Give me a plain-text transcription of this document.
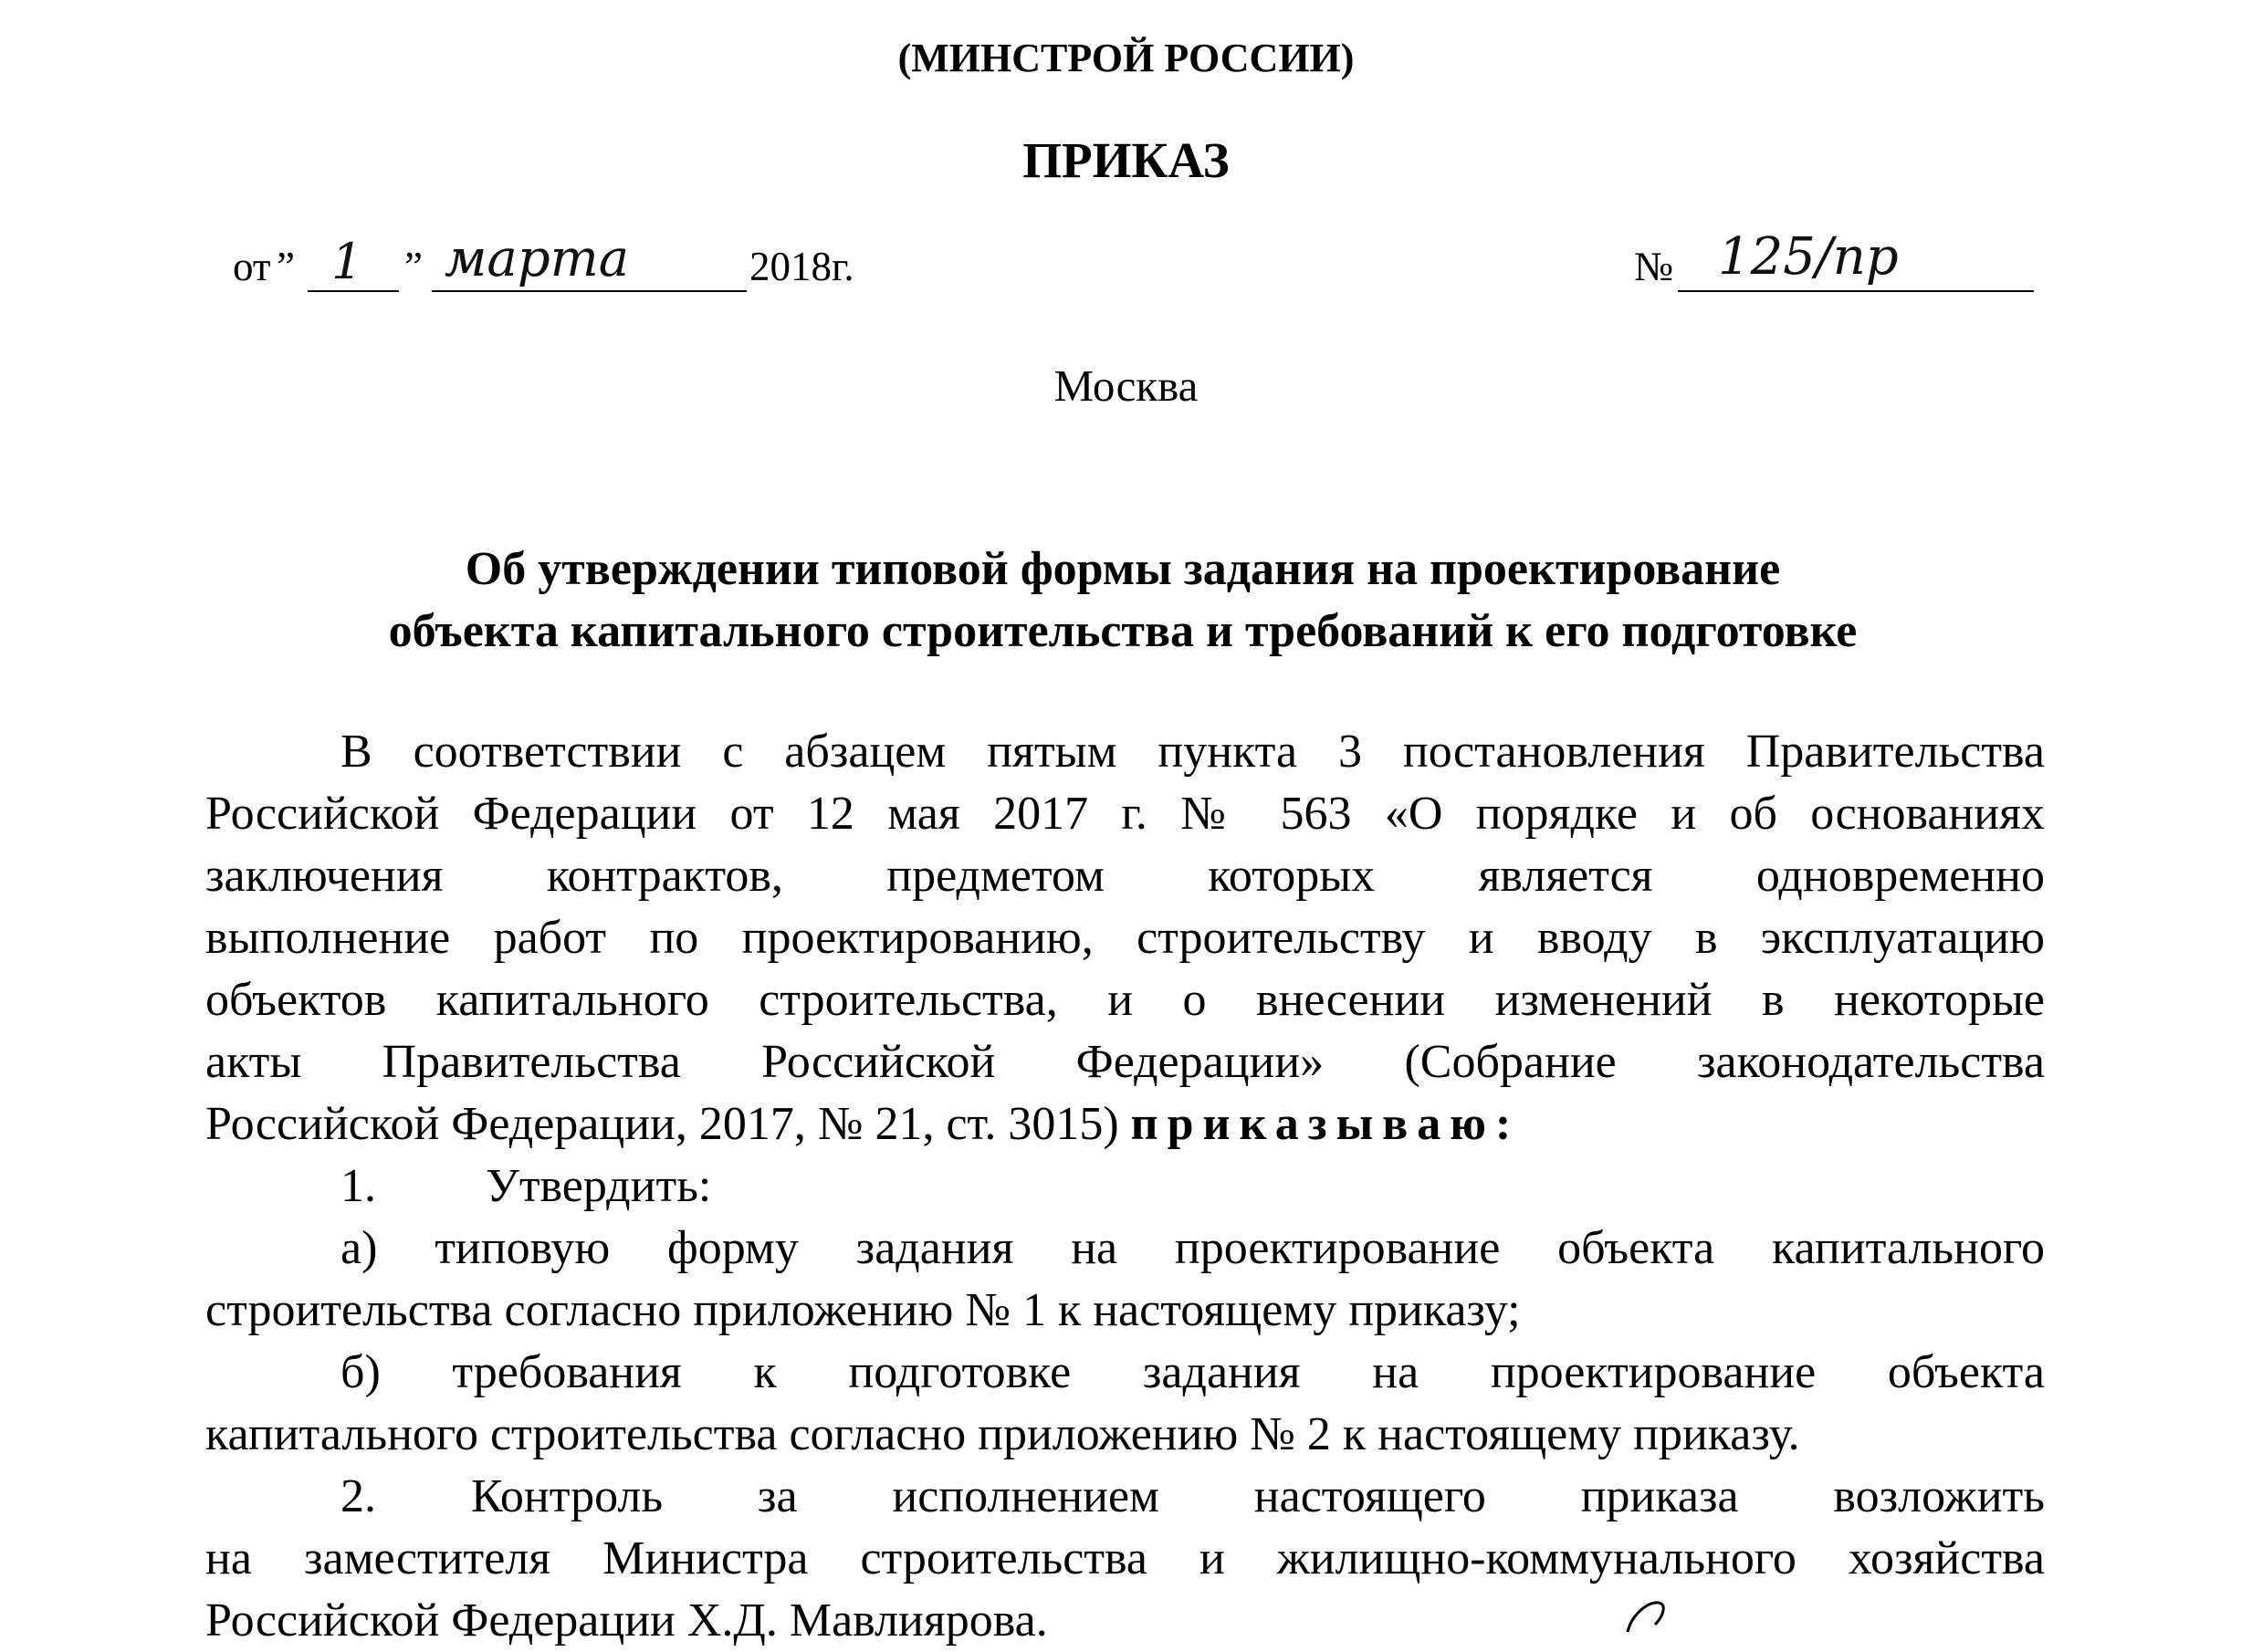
(МИНСТРОЙ РОССИИ)
ПРИКАЗ
от ” 1 ” марта	2018г.	№ 125/пр
Москва
Об утверждении типовой формы задания на проектирование
объекта капитального строительства и требований к его подготовке
В соответствии с абзацем пятым пункта 3 постановления Правительства
Российской Федерации от 12 мая 2017 г. № 563 «О порядке и об основаниях
заключения контрактов, предметом которых является одновременно
выполнение работ по проектированию, строительству и вводу в эксплуатацию
объектов капитального строительства, и о внесении изменений в некоторые
акты Правительства Российской Федерации» (Собрание законодательства
Российской Федерации, 2017, № 21, ст. 3015) приказываю:
1. Утвердить:
а) типовую форму задания на проектирование объекта капитального
строительства согласно приложению № 1 к настоящему приказу;
б) требования к подготовке задания на проектирование объекта
капитального строительства согласно приложению № 2 к настоящему приказу.
2. Контроль за исполнением настоящего приказа возложить
на заместителя Министра строительства и жилищно-коммунального хозяйства
Российской Федерации Х.Д. Мавлиярова.
